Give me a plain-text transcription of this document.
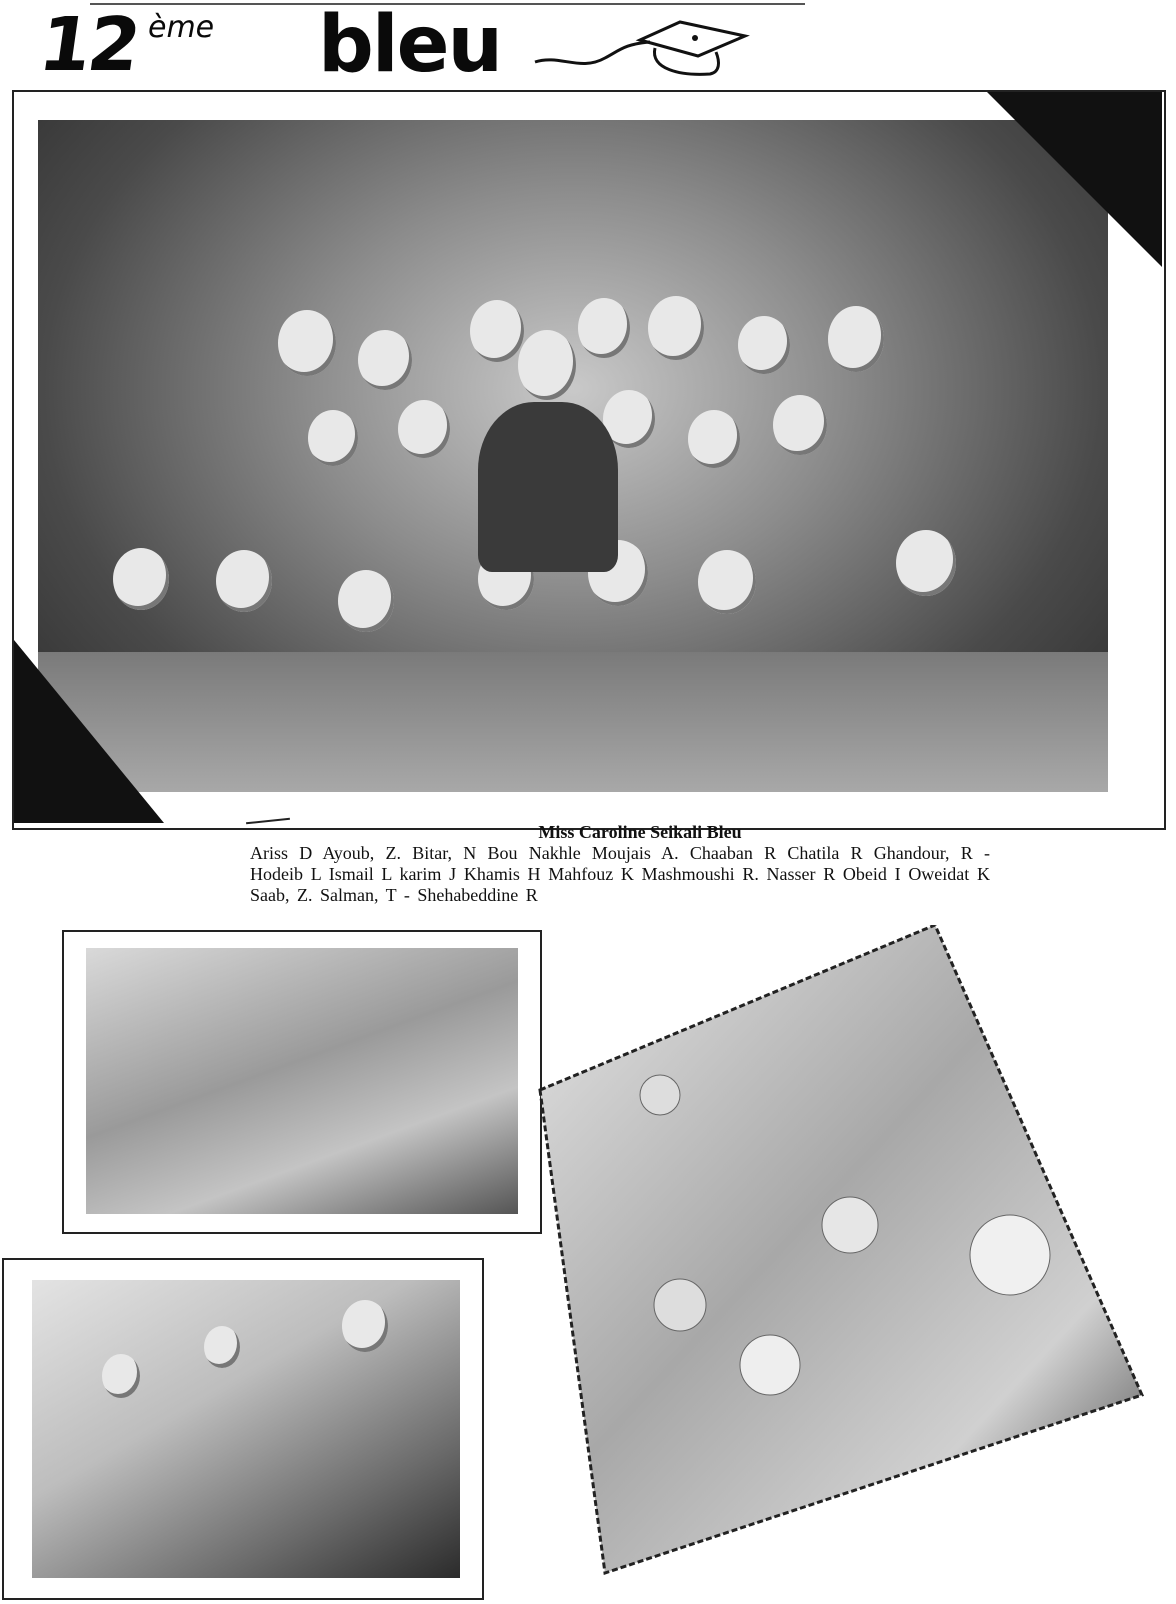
12 ème bleu
Miss Caroline Seikali Bleu
Ariss D Ayoub, Z. Bitar, N Bou Nakhle Moujais A. Chaaban R Chatila R Ghandour, R - Hodeib L Ismail L karim J Khamis H Mahfouz K Mashmoushi R. Nasser R Obeid I Oweidat K Saab, Z. Salman, T - Shehabeddine R
